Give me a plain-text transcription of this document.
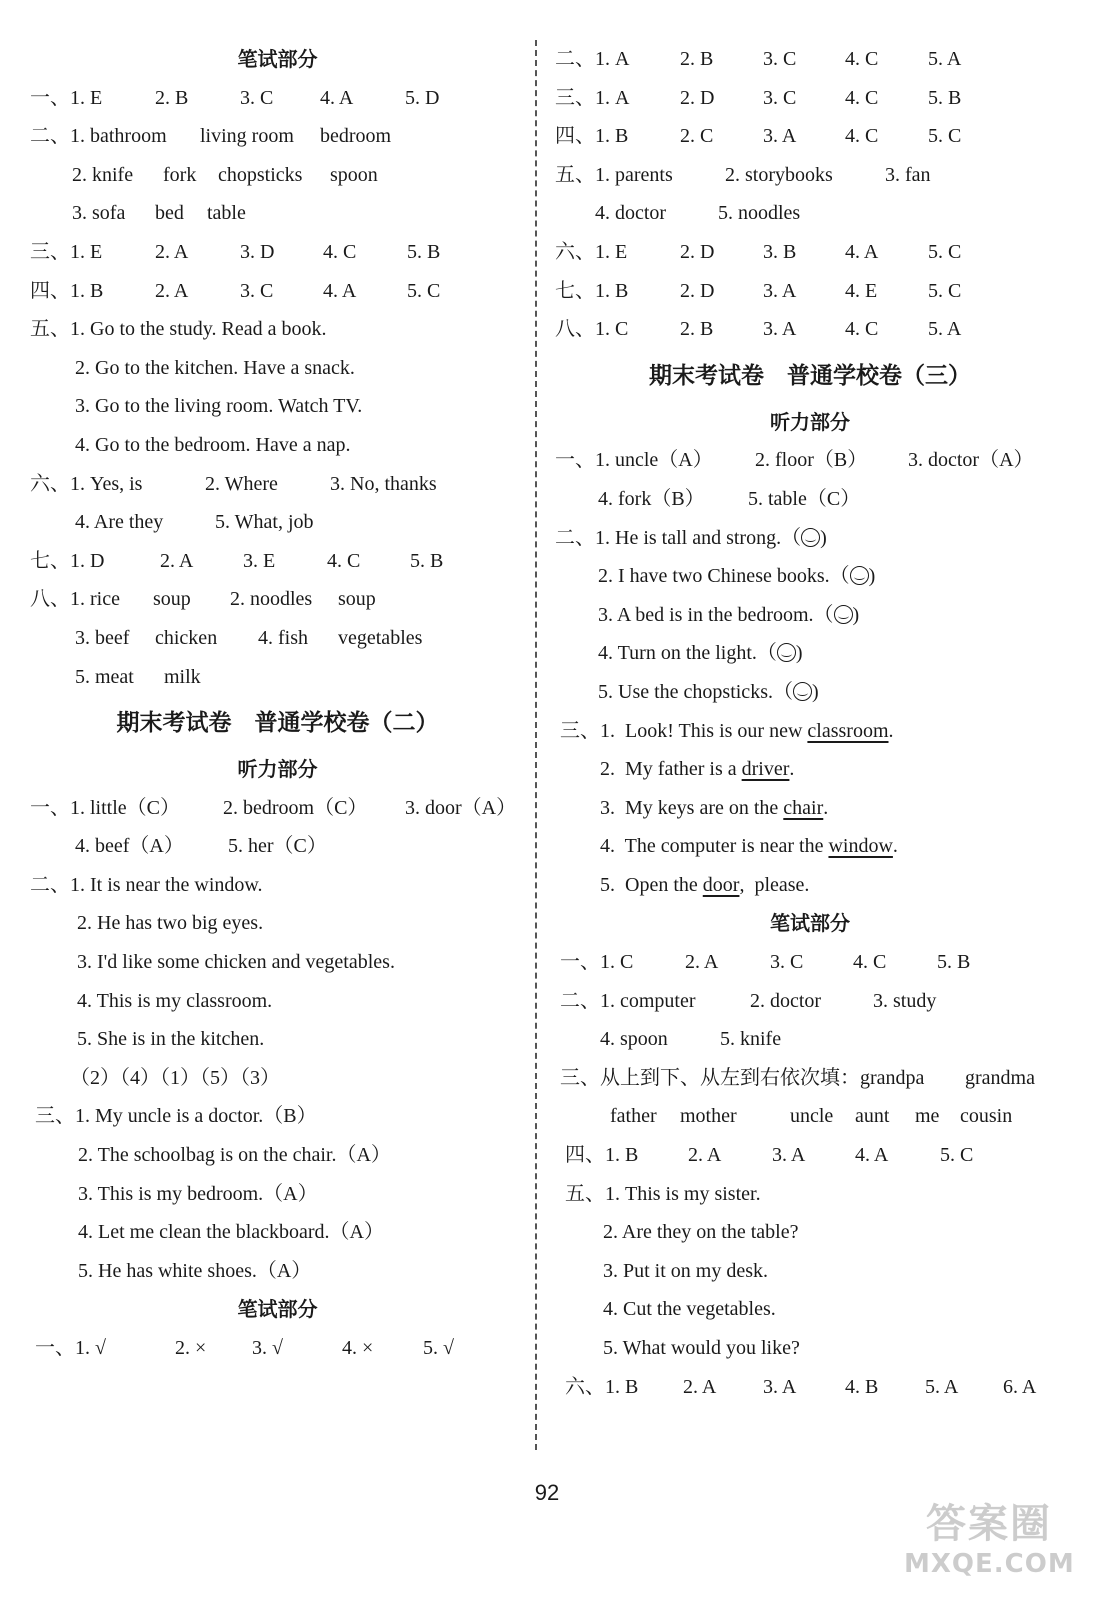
笔试部分
一、1. E	2. B	3. C 4. A	5. D
二、1. bathroom living room bedroom
2. knife fork chopsticks spoon
3. sofa bed table
三、1. E	2. A	3. D 4. C	5. B
四、1. B	2. A	3. C 4. A	5. C
五、1. Go to the study. Read a book.
2. Go to the kitchen. Have a snack.
3. Go to the living room. Watch TV.
4. Go to the bedroom. Have a nap.
六、1. Yes, is	2. Where	3. No, thanks
4. Are they	5. What, job
七、1. D	2. A 3. E	4. C 5. B
八、1. rice soup 2. noodles soup
3. beef chicken 4. fish vegetables
5. meat milk
期末考试卷　普通学校卷（二）
听力部分
一、1. little（C） 2. bedroom（C） 3. door（A）
4. beef（A） 5. her（C）
二、1. It is near the window.
2. He has two big eyes.
3. I'd like some chicken and vegetables.
4. This is my classroom.
5. She is in the kitchen.
（2）（4）（1）（5）（3）
三、1. My uncle is a doctor.（B）
2. The schoolbag is on the chair.（A）
3. This is my bedroom.（A）
4. Let me clean the blackboard.（A）
5. He has white shoes.（A）
笔试部分
一、1. √	2. × 3. √	4. × 5. √
二、1. A	2. B 3. C 4. C 5. A
三、1. A	2. D 3. C 4. C 5. B
四、1. B	2. C 3. A 4. C 5. C
五、1. parents	2. storybooks	3. fan
4. doctor	5. noodles
六、1. E	2. D 3. B 4. A 5. C
七、1. B	2. D 3. A 4. E	5. C
八、1. C	2. B 3. A 4. C 5. A
期末考试卷　普通学校卷（三）
听力部分
一、1. uncle（A） 2. floor（B） 3. doctor（A）
4. fork（B） 5. table（C）
二、1. He is tall and strong.（ )
2. I have two Chinese books.（ )
3. A bed is in the bedroom.（ )
4. Turn on the light.（ )
5. Use the chopsticks.（ )
三、1.  Look! This is our new classroom.
2.  My father is a driver.
3.  My keys are on the chair.
4.  The computer is near the window.
5.  Open the door,  please.
笔试部分
一、1. C	2. A	3. C 4. C	5. B
二、1. computer	2. doctor	3. study
4. spoon	5. knife
三、从上到下、从左到右依次填：grandpa grandma
father mother	uncle aunt me cousin
四、1. B 2. A	3. A 4. A	5. C
五、1. This is my sister.
2. Are they on the table?
3. Put it on my desk.
4. Cut the vegetables.
5. What would you like?
六、1. B 2. A 3. A 4. B 5. A 6. A
92
答案圈
MXQE.COM
